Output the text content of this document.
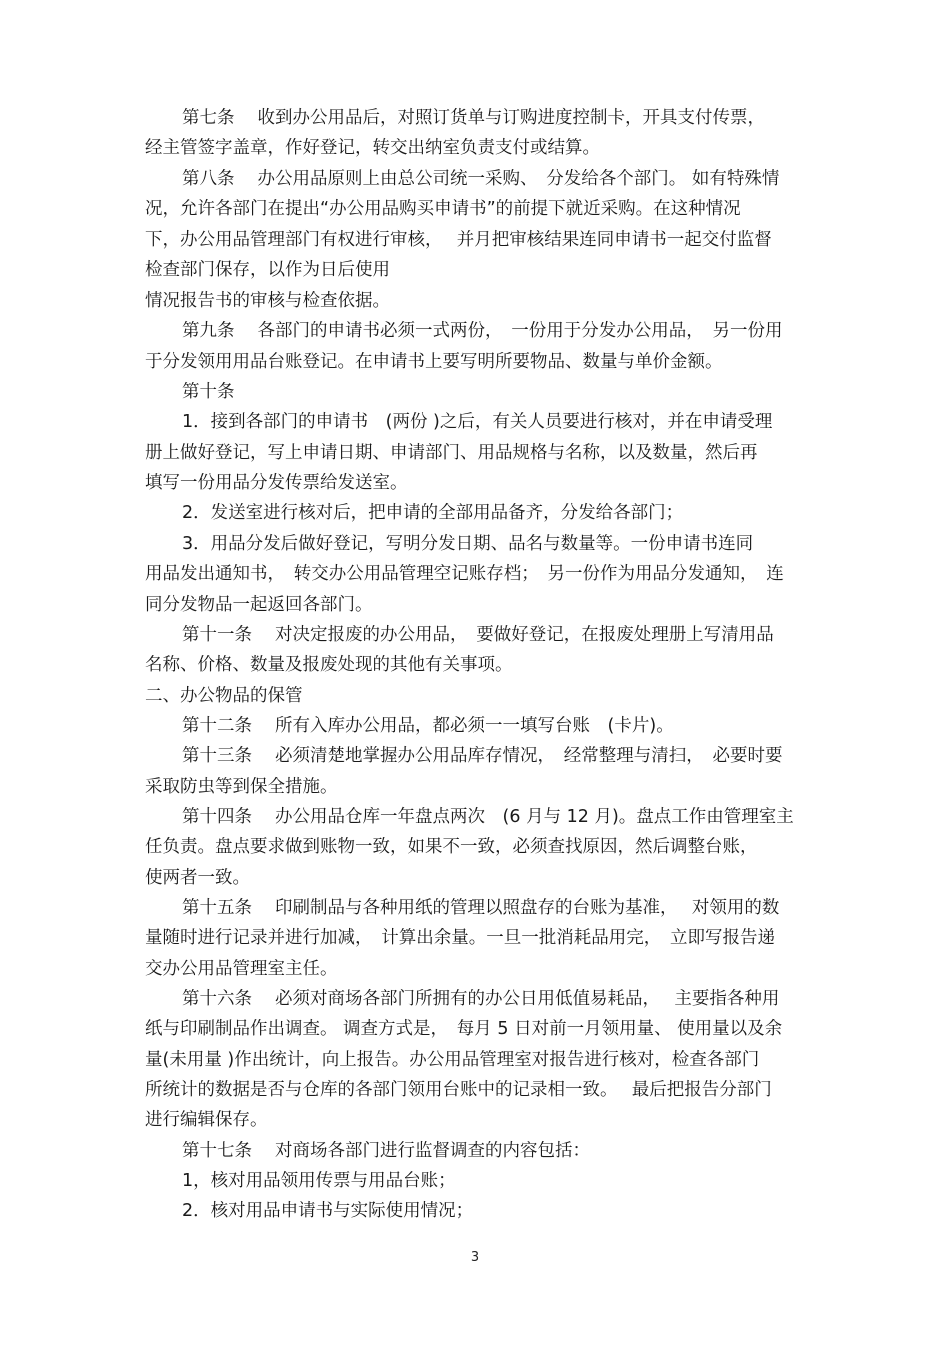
第七条　 收到办公用品后，对照订货单与订购进度控制卡，开具支付传票，
经主管签字盖章，作好登记，转交出纳室负责支付或结算。
第八条　 办公用品原则上由总公司统一采购、　分发给各个部门。 如有特殊情
况，允许各部门在提出“办公用品购买申请书”的前提下就近采购。在这种情况
下，办公用品管理部门有权进行审核，　 并月把审核结果连同申请书一起交付监督
检查部门保存，以作为日后使用
情况报告书的审核与检查依据。
第九条　 各部门的申请书必须一式两份，　一份用于分发办公用品，　另一份用
于分发领用用品台账登记。在申请书上要写明所要物品、数量与单价金额。
第十条
1．接到各部门的申请书　(两份 )之后，有关人员要进行核对，并在申请受理
册上做好登记，写上申请日期、申请部门、用品规格与名称，以及数量，然后再
填写一份用品分发传票给发送室。
2．发送室进行核对后，把申请的全部用品备齐，分发给各部门；
3．用品分发后做好登记，写明分发日期、品名与数量等。一份申请书连同
用品发出通知书，　转交办公用品管理空记账存档；　另一份作为用品分发通知，　连
同分发物品一起返回各部门。
第十一条　 对决定报废的办公用品，　要做好登记，在报废处理册上写清用品
名称、价格、数量及报废处现的其他有关事项。
二、办公物品的保管
第十二条　 所有入库办公用品，都必须一一填写台账　(卡片)。
第十三条　 必须清楚地掌握办公用品库存情况，　经常整理与清扫，　必要时要
采取防虫等到保全措施。
第十四条　 办公用品仓库一年盘点两次　(6 月与 12 月)。盘点工作由管理室主
任负责。盘点要求做到账物一致，如果不一致，必须查找原因，然后调整台账，
使两者一致。
第十五条　 印刷制品与各种用纸的管理以照盘存的台账为基准，　 对领用的数
量随时进行记录并进行加减，　计算出余量。一旦一批消耗品用完，　立即写报告递
交办公用品管理室主任。
第十六条　 必须对商场各部门所拥有的办公日用低值易耗品，　 主要指各种用
纸与印刷制品作出调查。 调查方式是，　每月 5 日对前一月领用量、 使用量以及余
量(未用量 )作出统计，向上报告。办公用品管理室对报告进行核对，检查各部门
所统计的数据是否与仓库的各部门领用台账中的记录相一致。　 最后把报告分部门
进行编辑保存。
第十七条　 对商场各部门进行监督调查的内容包括：
1，核对用品领用传票与用品台账；
2．核对用品申请书与实际使用情况；
3
